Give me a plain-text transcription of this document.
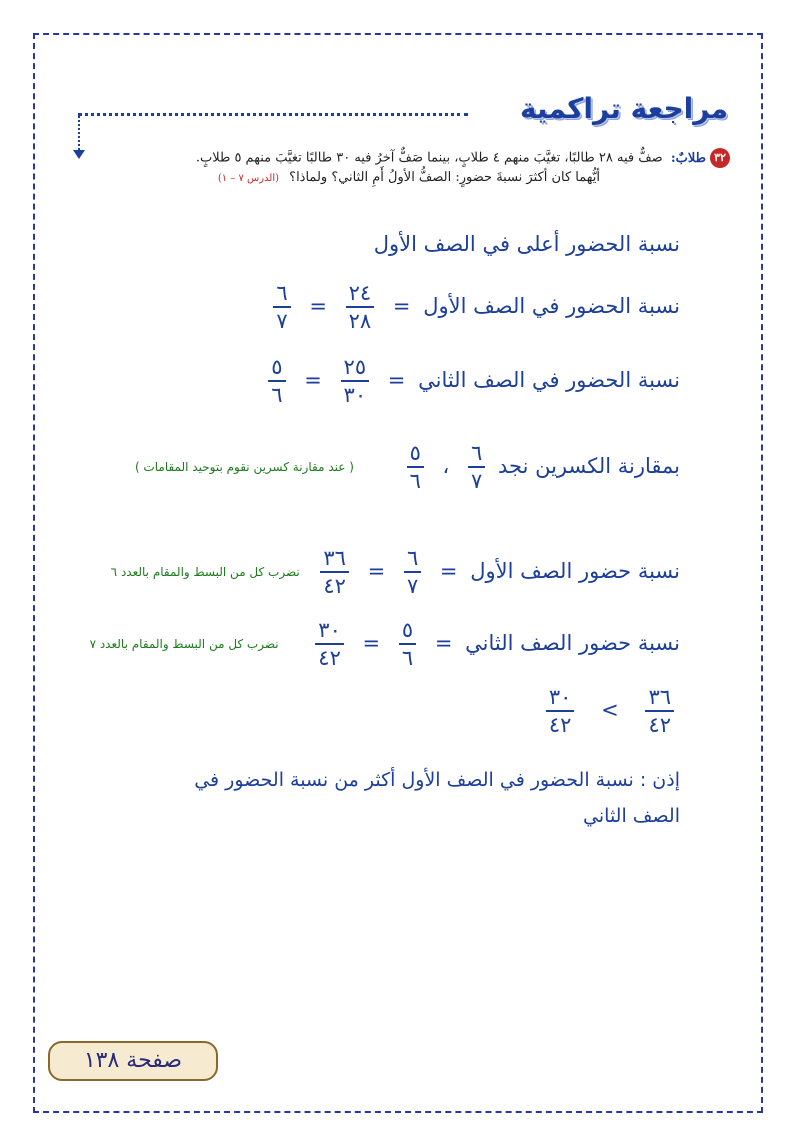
مراجعة تراكمية
٣٢طلابٌ: صفٌّ فيه ٢٨ طالبًا، تغيَّبَ منهم ٤ طلابٍ، بينما صَفٌّ آخرُ فيه ٣٠ طالبًا تغيَّبَ منهم ٥ طلابٍ.
أيُّهما كان أكثرَ نسبةَ حضورٍ: الصفُّ الأولُ أَمِ الثاني؟ ولماذا؟ (الدرس ٧ – ١)
نسبة الحضور أعلى في الصف الأول
نسبة الحضور في الصف الأول =
$\frac{٢٤}{٢٨}$
=
$\frac{٦}{٧}$
نسبة الحضور في الصف الثاني =
$\frac{٢٥}{٣٠}$
=
$\frac{٥}{٦}$
بمقارنة الكسرين نجد
$\frac{٦}{٧}$
،
$\frac{٥}{٦}$
( عند مقارنة كسرين نقوم بتوحيد المقامات )
نسبة حضور الصف الأول =
$\frac{٦}{٧}$
=
$\frac{٣٦}{٤٢}$
نضرب كل من البسط والمقام بالعدد ٦
نسبة حضور الصف الثاني =
$\frac{٥}{٦}$
=
$\frac{٣٠}{٤٢}$
نضرب كل من البسط والمقام بالعدد ٧
$\frac{٣٦}{٤٢}$
<
$\frac{٣٠}{٤٢}$
إذن : نسبة الحضور في الصف الأول أكثر من نسبة الحضور في الصف الثاني
صفحة ١٣٨
